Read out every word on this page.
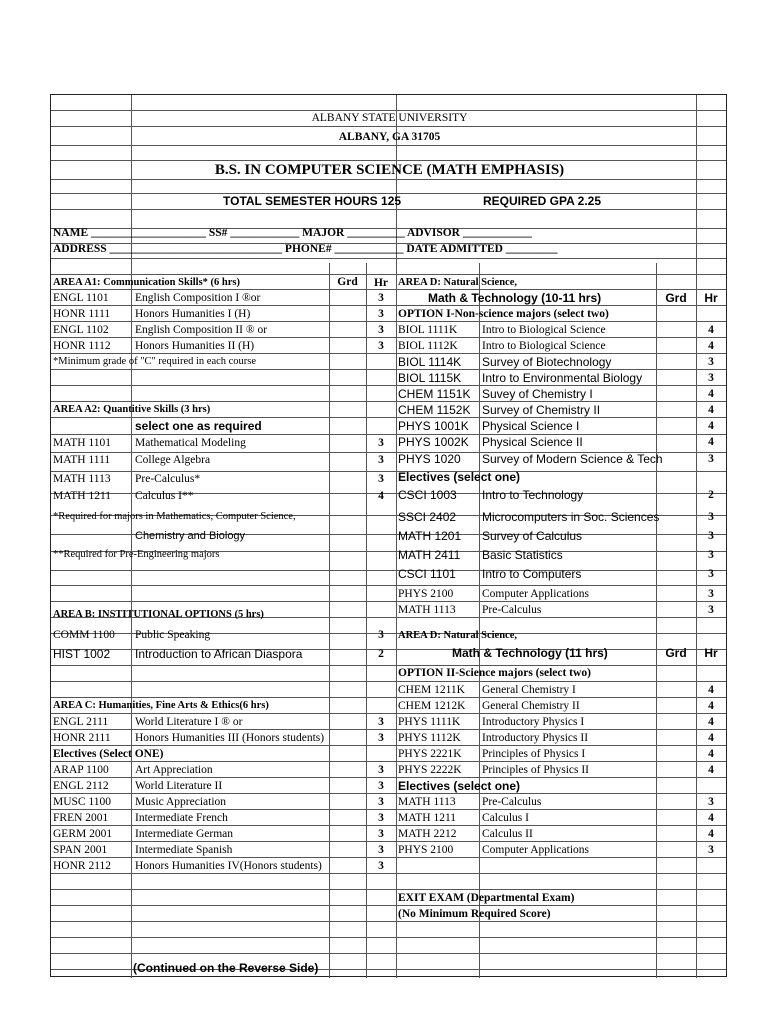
ALBANY STATE UNIVERSITY
ALBANY, GA 31705
B.S. IN COMPUTER SCIENCE (MATH EMPHASIS)
TOTAL SEMESTER HOURS 125	REQUIRED GPA 2.25
NAME ____________________ SS# ____________ MAJOR __________ ADVISOR ____________
ADDRESS ______________________________ PHONE# ____________ DATE ADMITTED _________
AREA A1: Communication Skills* (6 hrs)	Grd	Hr
ENGL 1101 English Composition I ®or	3
HONR 1111 Honors Humanities I (H)	3
ENGL 1102 English Composition II ® or	3
HONR 1112 Honors Humanities II (H)	3
*Minimum grade of "C" required in each course
AREA A2: Quantitive Skills (3 hrs)
select one as required
MATH 1101 Mathematical Modeling	3
MATH 1111 College Algebra	3
MATH 1113 Pre-Calculus*	3
MATH 1211 Calculus I**	4
*Required for majors in Mathematics, Computer Science,
Chemistry and Biology
**Required for Pre-Engineering majors
AREA B: INSTITUTIONAL OPTIONS (5 hrs)
COMM 1100 Public Speaking	3
HIST 1002 Introduction to African Diaspora	2
AREA C: Humanities, Fine Arts & Ethics(6 hrs)
ENGL 2111 World Literature I ® or	3
HONR 2111 Honors Humanities III (Honors students)	3
Electives (Select ONE)
ARAP 1100 Art Appreciation	3
ENGL 2112 World Literature II	3
MUSC 1100 Music Appreciation	3
FREN 2001 Intermediate French	3
GERM 2001 Intermediate German	3
SPAN 2001 Intermediate Spanish	3
HONR 2112 Honors Humanities IV(Honors students)	3
(Continued on the Reverse Side)
AREA D: Natural Science,
Math & Technology (10-11 hrs)	Grd	Hr
OPTION I-Non-science majors (select two)
BIOL 1111K Intro to Biological Science	4
BIOL 1112K Intro to Biological Science	4
BIOL 1114K Survey of Biotechnology	3
BIOL 1115K Intro to Environmental Biology	3
CHEM 1151K Suvey of Chemistry I	4
CHEM 1152K Survey of Chemistry II	4
PHYS 1001K Physical Science I	4
PHYS 1002K Physical Science II	4
PHYS 1020 Survey of Modern Science & Tech	3
Electives (select one)
CSCI 1003 Intro to Technology	2
SSCI 2402 Microcomputers in Soc. Sciences	3
MATH 1201 Survey of Calculus	3
MATH 2411 Basic Statistics	3
CSCI 1101 Intro to Computers	3
PHYS 2100 Computer Applications	3
MATH 1113 Pre-Calculus	3
AREA D: Natural Science,
Math & Technology (11 hrs)	Grd	Hr
OPTION II-Science majors (select two)
CHEM 1211K General Chemistry I	4
CHEM 1212K General Chemistry II	4
PHYS 1111K Introductory Physics I	4
PHYS 1112K Introductory Physics II	4
PHYS 2221K Principles of Physics I	4
PHYS 2222K Principles of Physics II	4
Electives (select one)
MATH 1113 Pre-Calculus	3
MATH 1211 Calculus I	4
MATH 2212 Calculus II	4
PHYS 2100 Computer Applications	3
EXIT EXAM (Departmental Exam)
(No Minimum Required Score)
